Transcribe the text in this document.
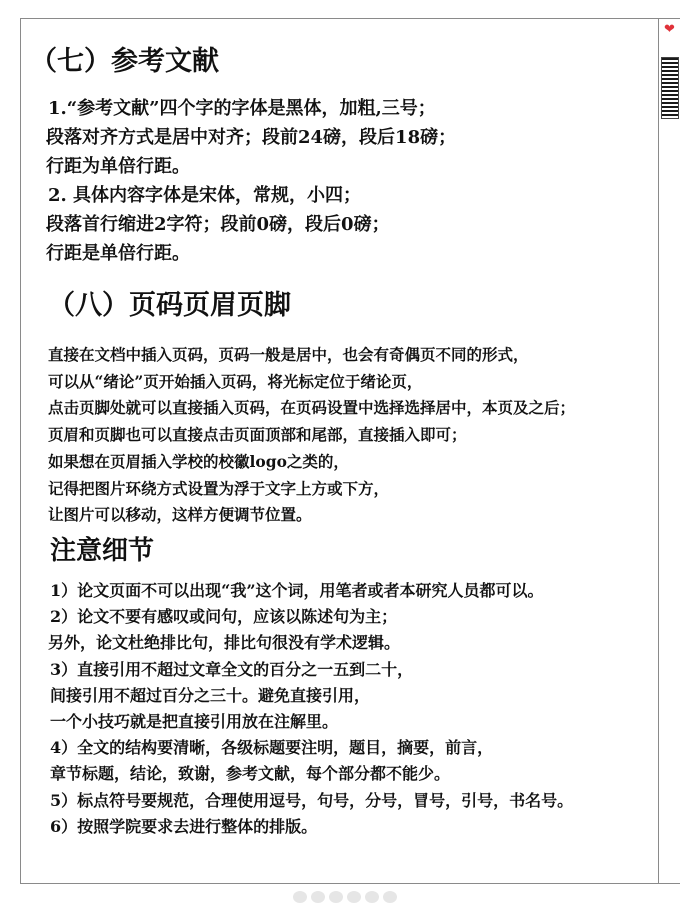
❤
（七）参考文献
1.“参考文献”四个字的字体是黑体，加粗,三号；
段落对齐方式是居中对齐；段前24磅，段后18磅；
行距为单倍行距。
2. 具体内容字体是宋体，常规，小四；
段落首行缩进2字符；段前0磅，段后0磅；
行距是单倍行距。
（八）页码页眉页脚
直接在文档中插入页码，页码一般是居中，也会有奇偶页不同的形式，
可以从“绪论”页开始插入页码，将光标定位于绪论页，
点击页脚处就可以直接插入页码，在页码设置中选择选择居中，本页及之后；
页眉和页脚也可以直接点击页面顶部和尾部，直接插入即可；
如果想在页眉插入学校的校徽logo之类的，
记得把图片环绕方式设置为浮于文字上方或下方，
让图片可以移动，这样方便调节位置。
注意细节
1）论文页面不可以出现“我”这个词，用笔者或者本研究人员都可以。
2）论文不要有感叹或问句，应该以陈述句为主；
另外，论文杜绝排比句，排比句很没有学术逻辑。
3）直接引用不超过文章全文的百分之一五到二十，
间接引用不超过百分之三十。避免直接引用，
一个小技巧就是把直接引用放在注解里。
4）全文的结构要清晰，各级标题要注明，题目，摘要，前言，
章节标题，结论，致谢，参考文献，每个部分都不能少。
5）标点符号要规范，合理使用逗号，句号，分号，冒号，引号，书名号。
6）按照学院要求去进行整体的排版。
